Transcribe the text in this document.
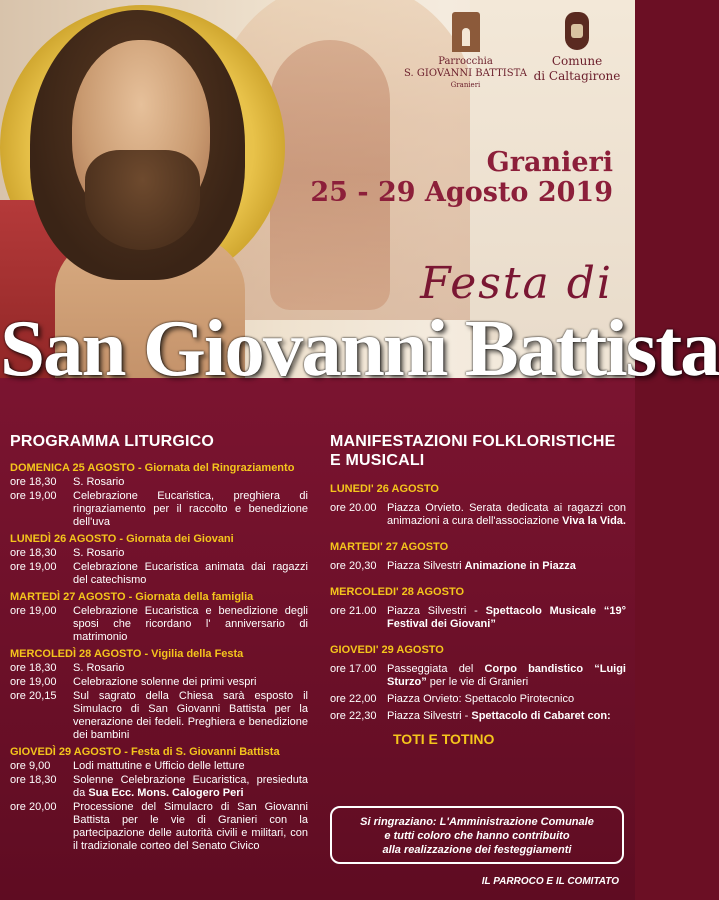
Parrocchia
S. GIOVANNI BATTISTA
Granieri
Comune
di Caltagirone
Granieri
25 - 29 Agosto 2019
Festa di
San Giovanni Battista
PROGRAMMA LITURGICO
DOMENICA 25 AGOSTO - Giornata del Ringraziamento
ore 18,30	S. Rosario
ore 19,00	Celebrazione Eucaristica, preghiera di ringraziamento per il raccolto e benedizione dell'uva
LUNEDÌ 26 AGOSTO - Giornata dei Giovani
ore 18,30	S. Rosario
ore 19,00	Celebrazione Eucaristica animata dai ragazzi del catechismo
MARTEDÌ 27 AGOSTO - Giornata della famiglia
ore 19,00	Celebrazione Eucaristica e benedizione degli sposi che ricordano l' anniversario di matrimonio
MERCOLEDÌ 28 AGOSTO - Vigilia della Festa
ore 18,30	S. Rosario
ore 19,00	Celebrazione solenne dei primi vespri
ore 20,15	Sul sagrato della Chiesa sarà esposto il Simulacro di San Giovanni Battista per la venerazione dei fedeli. Preghiera e benedizione dei bambini
GIOVEDÌ 29 AGOSTO - Festa di S. Giovanni Battista
ore 9,00	Lodi mattutine e Ufficio delle letture
ore 18,30	Solenne Celebrazione Eucaristica, presieduta da Sua Ecc. Mons. Calogero Peri
ore 20,00	Processione del Simulacro di San Giovanni Battista per le vie di Granieri con la partecipazione delle autorità civili e militari, con il tradizionale corteo del Senato Civico
MANIFESTAZIONI FOLKLORISTICHE
E MUSICALI
LUNEDI' 26 AGOSTO
ore 20.00 Piazza Orvieto. Serata dedicata ai ragazzi con animazioni a cura dell'associazione Viva la Vida.
MARTEDI' 27 AGOSTO
ore 20,30 Piazza Silvestri Animazione in Piazza
MERCOLEDI' 28 AGOSTO
ore 21.00 Piazza Silvestri - Spettacolo Musicale “19° Festival dei Giovani”
GIOVEDI' 29 AGOSTO
ore 17.00 Passeggiata del Corpo bandistico “Luigi Sturzo” per le vie di Granieri
ore 22,00 Piazza Orvieto: Spettacolo Pirotecnico
ore 22,30 Piazza Silvestri - Spettacolo di Cabaret con:
TOTI E TOTINO
Si ringraziano: L'Amministrazione Comunale
e tutti coloro che hanno contribuito
alla realizzazione dei festeggiamenti
IL PARROCO E IL COMITATO
